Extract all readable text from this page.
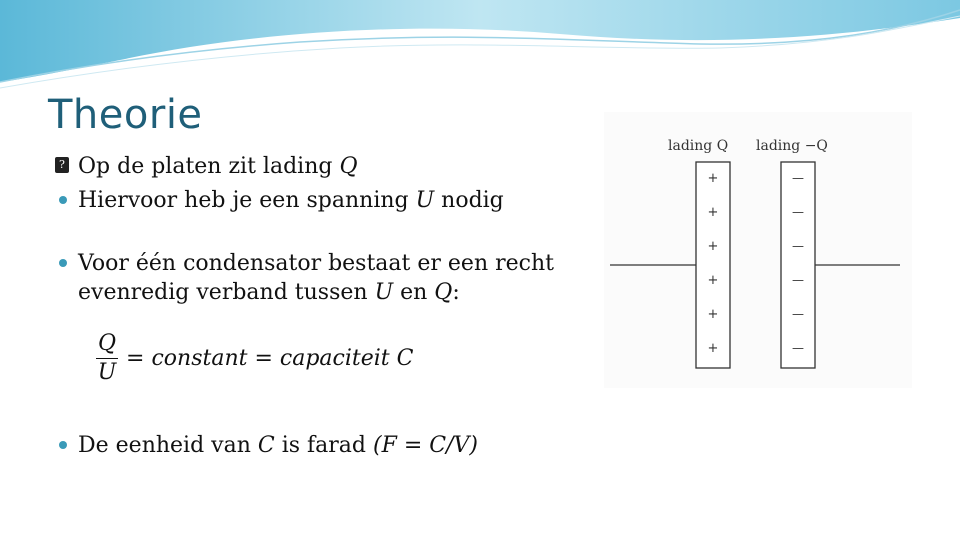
Theorie
? Op de platen zit lading Q
Hiervoor heb je een spanning U nodig
Voor één condensator bestaat er een recht
evenredig verband tussen U en Q:
$\frac{Q}{U}$ = constant = capaciteit C
De eenheid van C is farad (F = C/V)
lading Q lading −Q
+
+
+
+
+
+
—
—
—
—
—
—
